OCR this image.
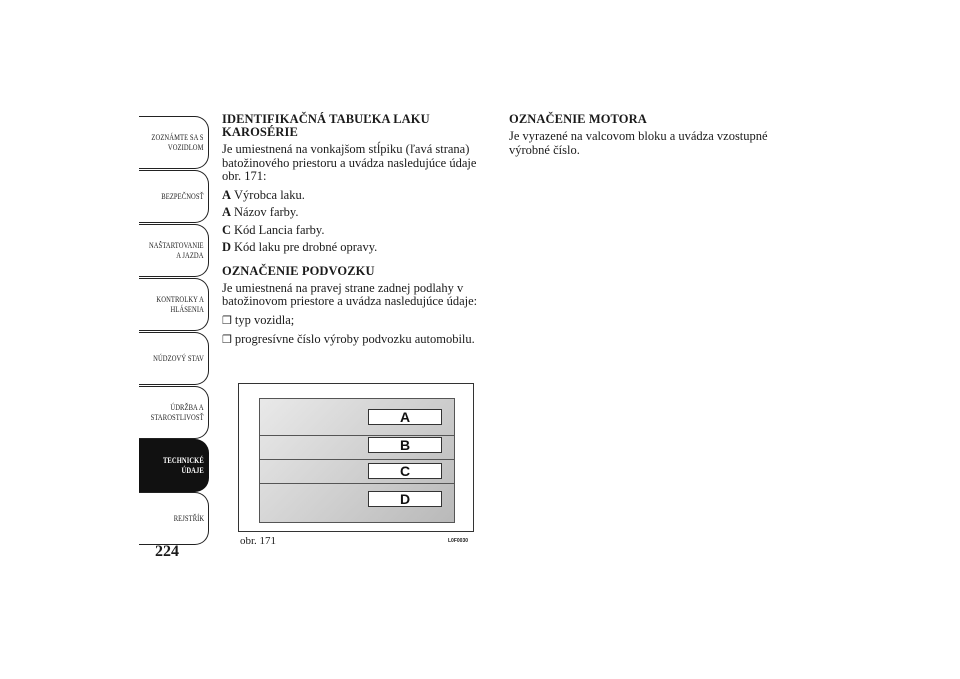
ZOZNÁMTE SA S
VOZIDLOM
BEZPEČNOSŤ
NAŠTARTOVANIE
A JAZDA
KONTROLKY A
HLÁSENIA
NÚDZOVÝ STAV
ÚDRŽBA A
STAROSTLIVOSŤ
TECHNICKÉ
ÚDAJE
REJSTŘÍK
224
IDENTIFIKAČNÁ TABUĽKA LAKU KAROSÉRIE

Je umiestnená na vonkajšom stĺpiku (ľavá strana) batožinového priestoru a uvádza nasledujúce údaje obr. 171:

A Výrobca laku.
A Názov farby.
C Kód Lancia farby.
D Kód laku pre drobné opravy.
OZNAČENIE PODVOZKU

Je umiestnená na pravej strane zadnej podlahy v batožinovom priestore a uvádza nasledujúce údaje:

❒ typ vozidla;
❒ progresívne číslo výroby podvozku automobilu.
OZNAČENIE MOTORA

Je vyrazené na valcovom bloku a uvádza vzostupné výrobné číslo.

A
B
C
D
obr. 171	L0F0030
